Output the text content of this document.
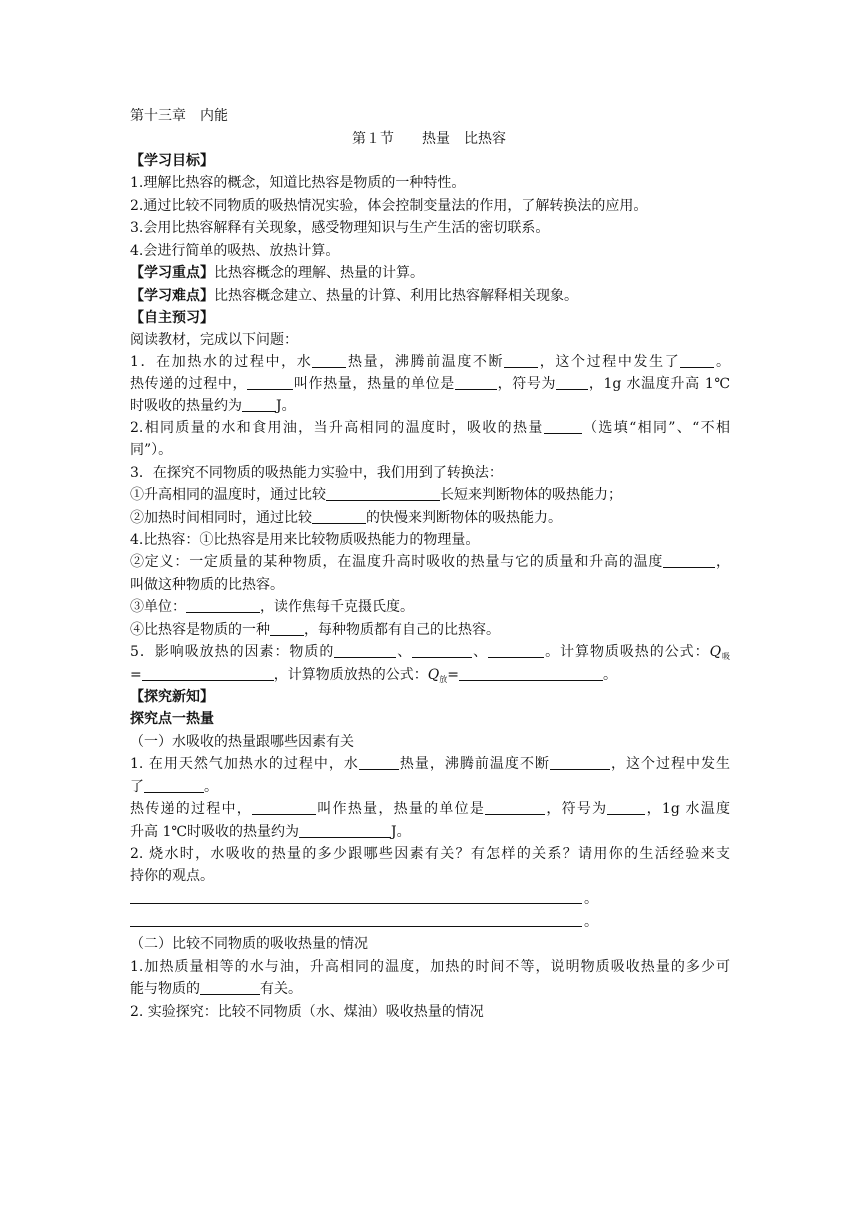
第十三章　内能
第１节　　热量　比热容
【学习目标】
1.理解比热容的概念，知道比热容是物质的一种特性。
2.通过比较不同物质的吸热情况实验，体会控制变量法的作用，了解转换法的应用。
3.会用比热容解释有关现象，感受物理知识与生产生活的密切联系。
4.会进行简单的吸热、放热计算。
【学习重点】比热容概念的理解、热量的计算。
【学习难点】比热容概念建立、热量的计算、利用比热容解释相关现象。
【自主预习】
阅读教材，完成以下问题：
1．在加热水的过程中，水 热量，沸腾前温度不断 ，这个过程中发生了 。
热传递的过程中，	叫作热量，热量的单位是	，符号为 ，1g 水温度升高 1℃
时吸收的热量约为 J。
2.相同质量的水和食用油，当升高相同的温度时，吸收的热量	（选填“相同”、“不相
同”）。
3．在探究不同物质的吸热能力实验中，我们用到了转换法：
①升高相同的温度时，通过比较	长短来判断物体的吸热能力；
②加热时间相同时，通过比较	的快慢来判断物体的吸热能力。
4.比热容：①比热容是用来比较物质吸热能力的物理量。
②定义：一定质量的某种物质，在温度升高时吸收的热量与它的质量和升高的温度	，
叫做这种物质的比热容。
③单位：	，读作焦每千克摄氏度。
④比热容是物质的一种 ，每种物质都有自己的比热容。
5．影响吸放热的因素：物质的	、	、	。计算物质吸热的公式：$Q_吸$
=	，计算物质放热的公式：$Q_放=$	。
【探究新知】
探究点一热量
（一）水吸收的热量跟哪些因素有关
1. 在用天然气加热水的过程中，水	热量，沸腾前温度不断	，这个过程中发生
了	。
热传递的过程中，	叫作热量，热量的单位是	，符号为	，1g 水温度
升高 1℃时吸收的热量约为	J。
2. 烧水时，水吸收的热量的多少跟哪些因素有关？有怎样的关系？请用你的生活经验来支
持你的观点。
。
。
（二）比较不同物质的吸收热量的情况
1.加热质量相等的水与油，升高相同的温度，加热的时间不等，说明物质吸收热量的多少可
能与物质的	有关。
2. 实验探究：比较不同物质（水、煤油）吸收热量的情况
